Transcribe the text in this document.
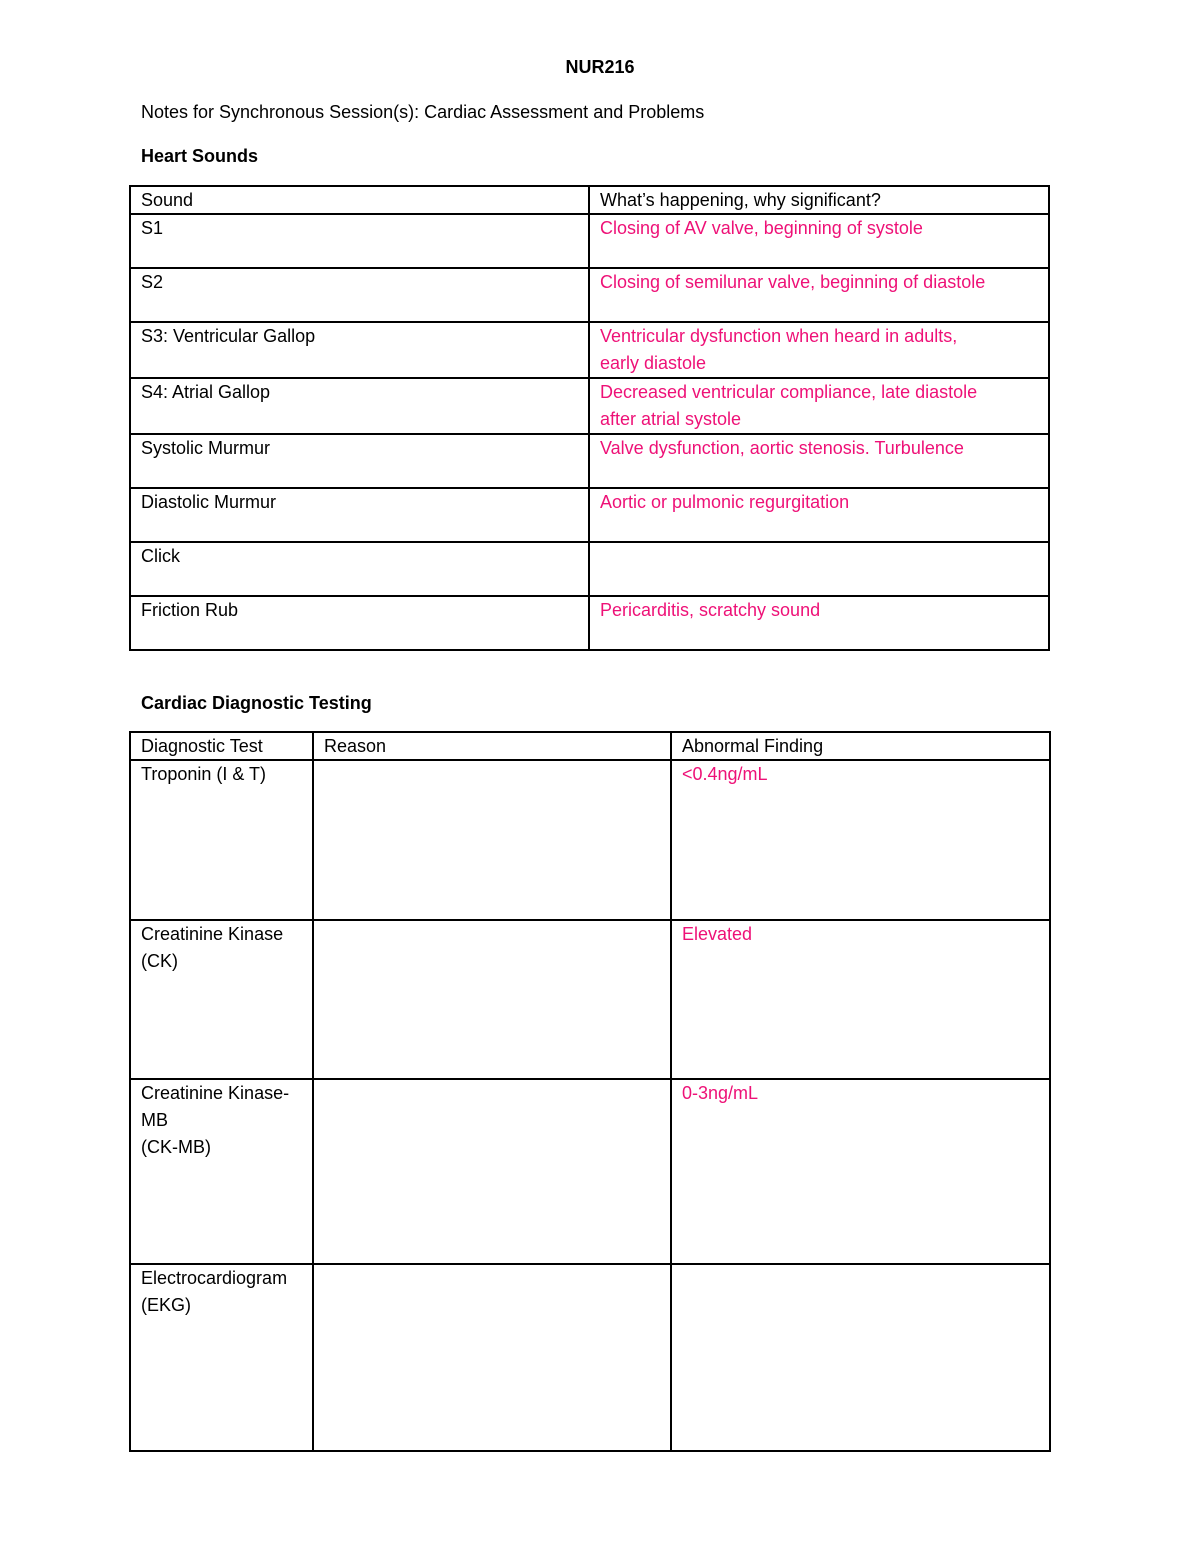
NUR216
Notes for Synchronous Session(s): Cardiac Assessment and Problems
Heart Sounds
Sound	What’s happening, why significant?
S1	Closing of AV valve, beginning of systole
S2	Closing of semilunar valve, beginning of diastole
S3: Ventricular Gallop	Ventricular dysfunction when heard in adults,
early diastole
S4: Atrial Gallop	Decreased ventricular compliance, late diastole
after atrial systole
Systolic Murmur	Valve dysfunction, aortic stenosis. Turbulence
Diastolic Murmur	Aortic or pulmonic regurgitation
Click	
Friction Rub	Pericarditis, scratchy sound
Cardiac Diagnostic Testing
Diagnostic Test	Reason	Abnormal Finding
Troponin (I & T)		<0.4ng/mL
Creatinine Kinase
(CK)		Elevated
Creatinine Kinase-
MB
(CK-MB)		0-3ng/mL
Electrocardiogram
(EKG)		
